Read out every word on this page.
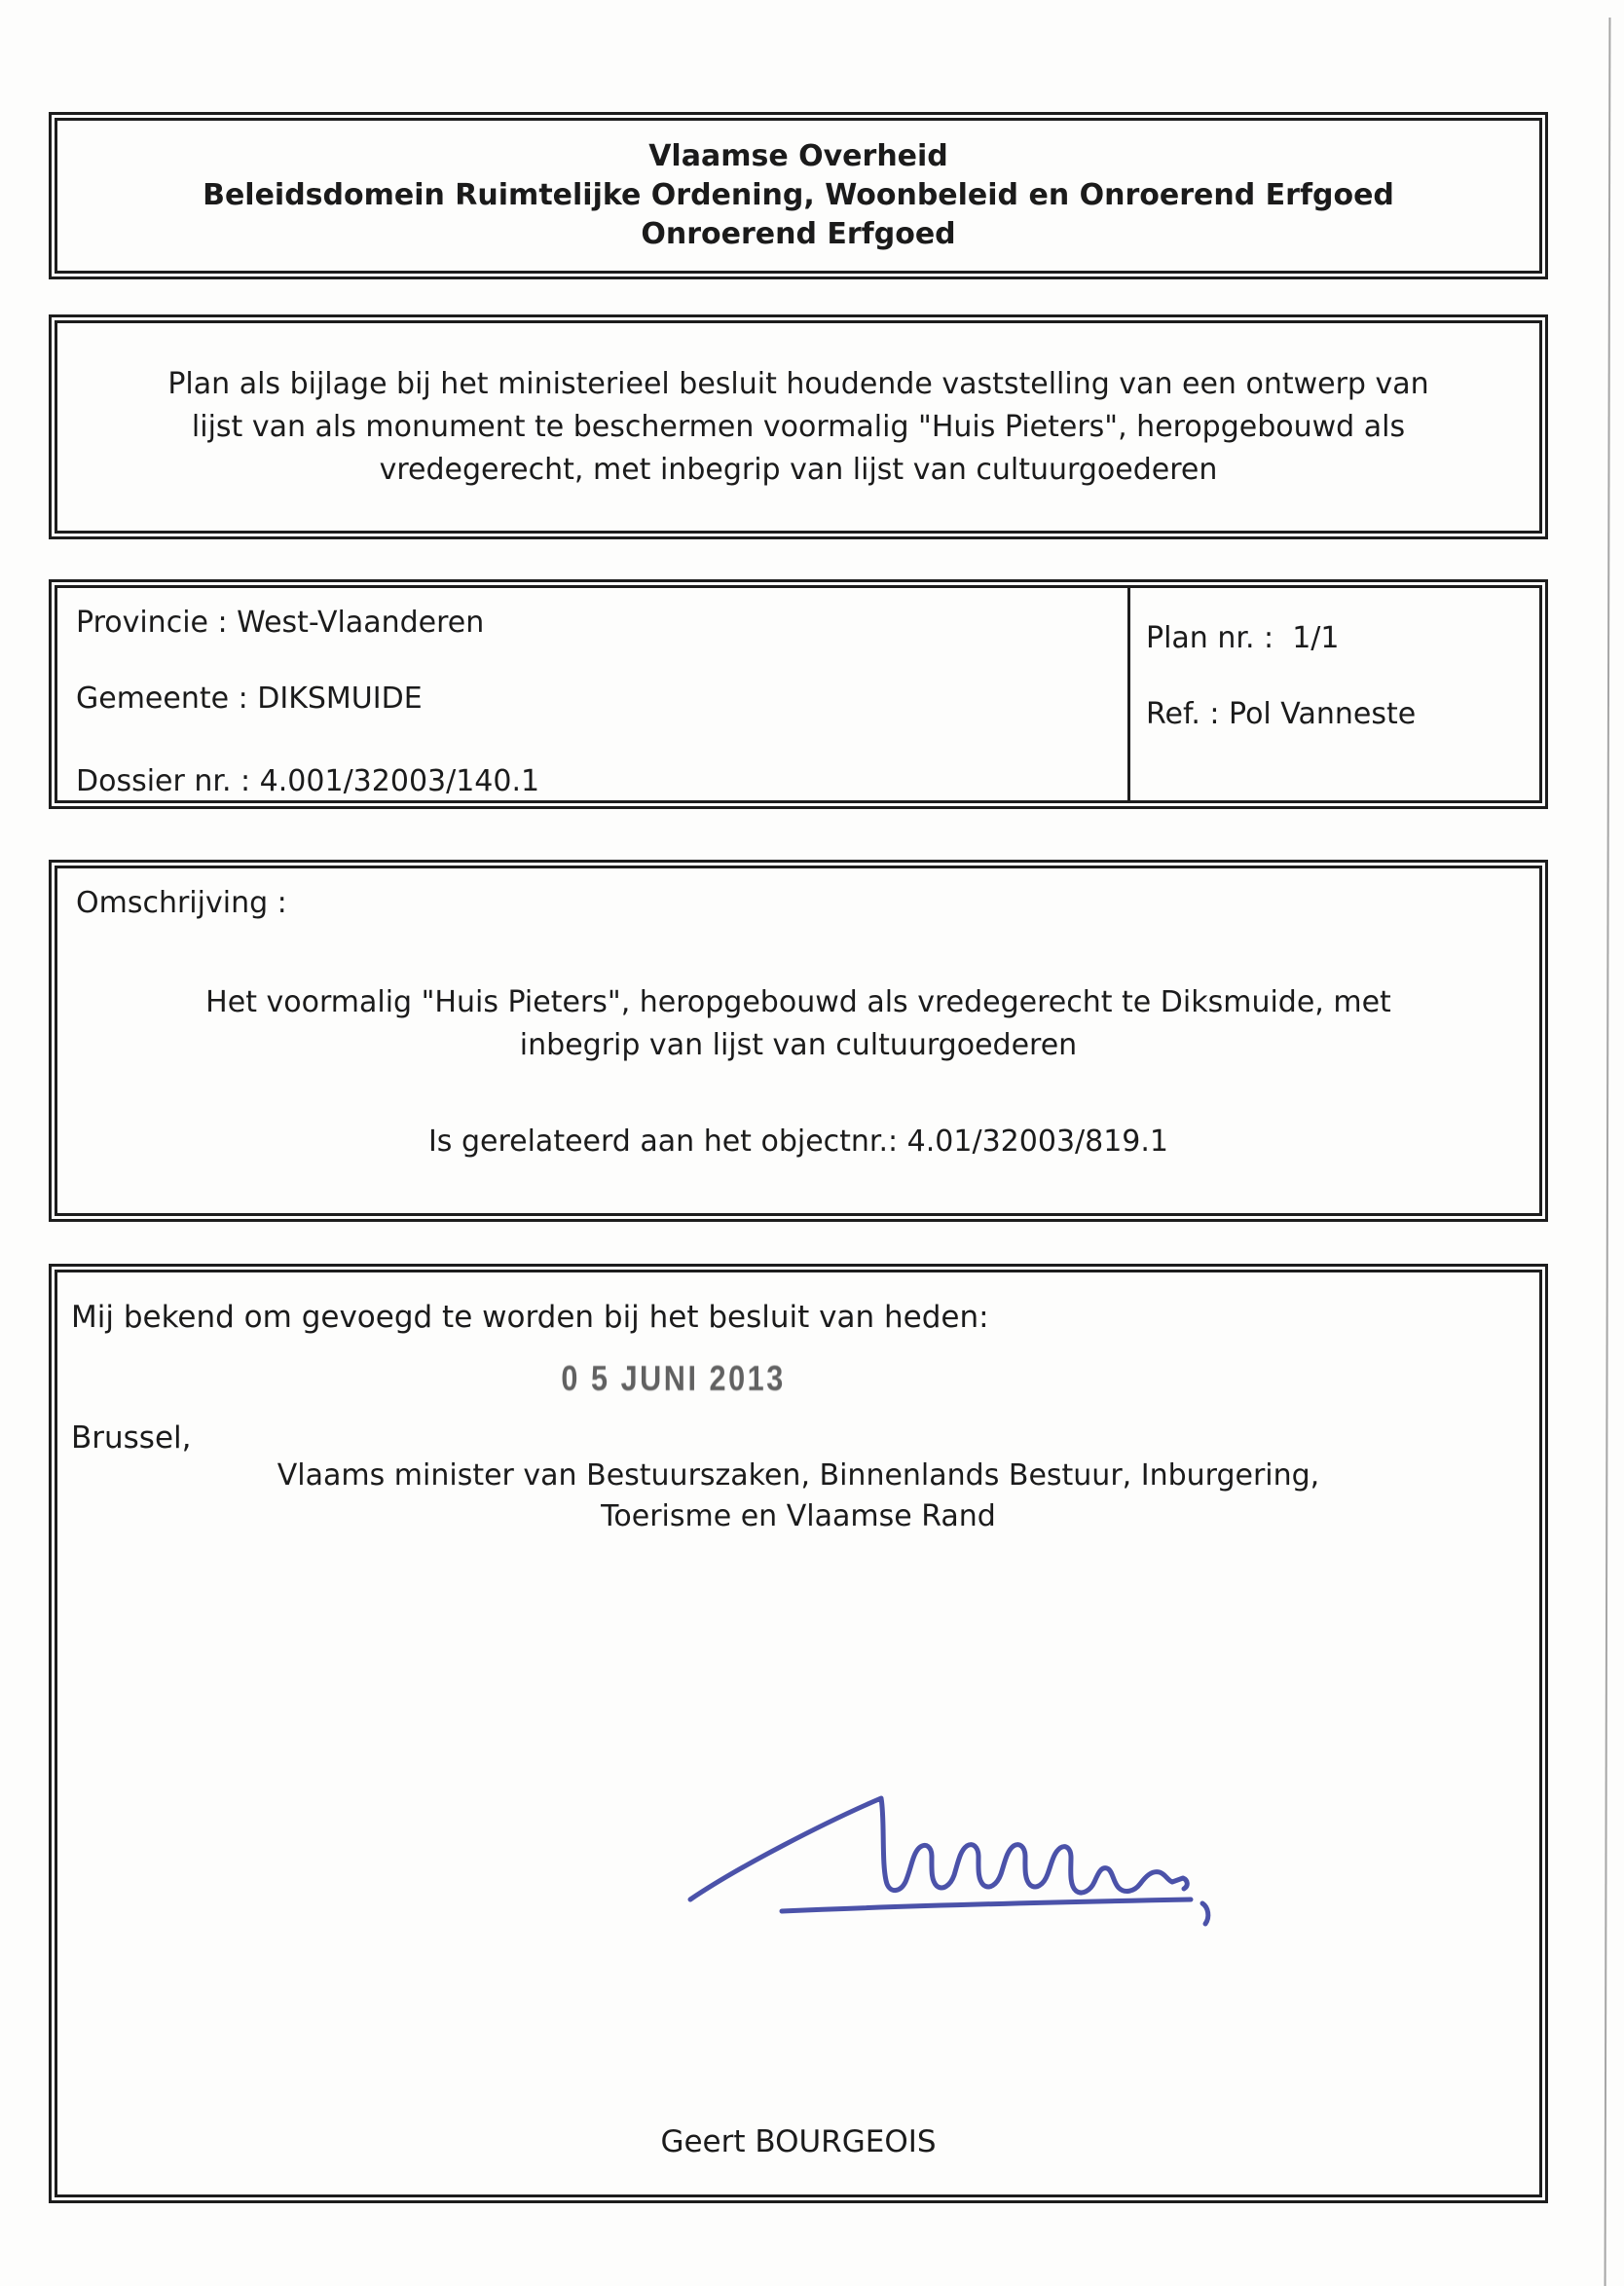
Vlaamse Overheid
Beleidsdomein Ruimtelijke Ordening, Woonbeleid en Onroerend Erfgoed
Onroerend Erfgoed
Plan als bijlage bij het ministerieel besluit houdende vaststelling van een ontwerp van
lijst van als monument te beschermen voormalig "Huis Pieters", heropgebouwd als
vredegerecht, met inbegrip van lijst van cultuurgoederen
Provincie : West-Vlaanderen
Gemeente : DIKSMUIDE
Dossier nr. : 4.001/32003/140.1
Plan nr. :  1/1
Ref. : Pol Vanneste
Omschrijving :
Het voormalig "Huis Pieters", heropgebouwd als vredegerecht te Diksmuide, met
inbegrip van lijst van cultuurgoederen
Is gerelateerd aan het objectnr.: 4.01/32003/819.1
Mij bekend om gevoegd te worden bij het besluit van heden:
0 5 JUNI 2013
Brussel,
Vlaams minister van Bestuurszaken, Binnenlands Bestuur, Inburgering,
Toerisme en Vlaamse Rand
Geert BOURGEOIS
